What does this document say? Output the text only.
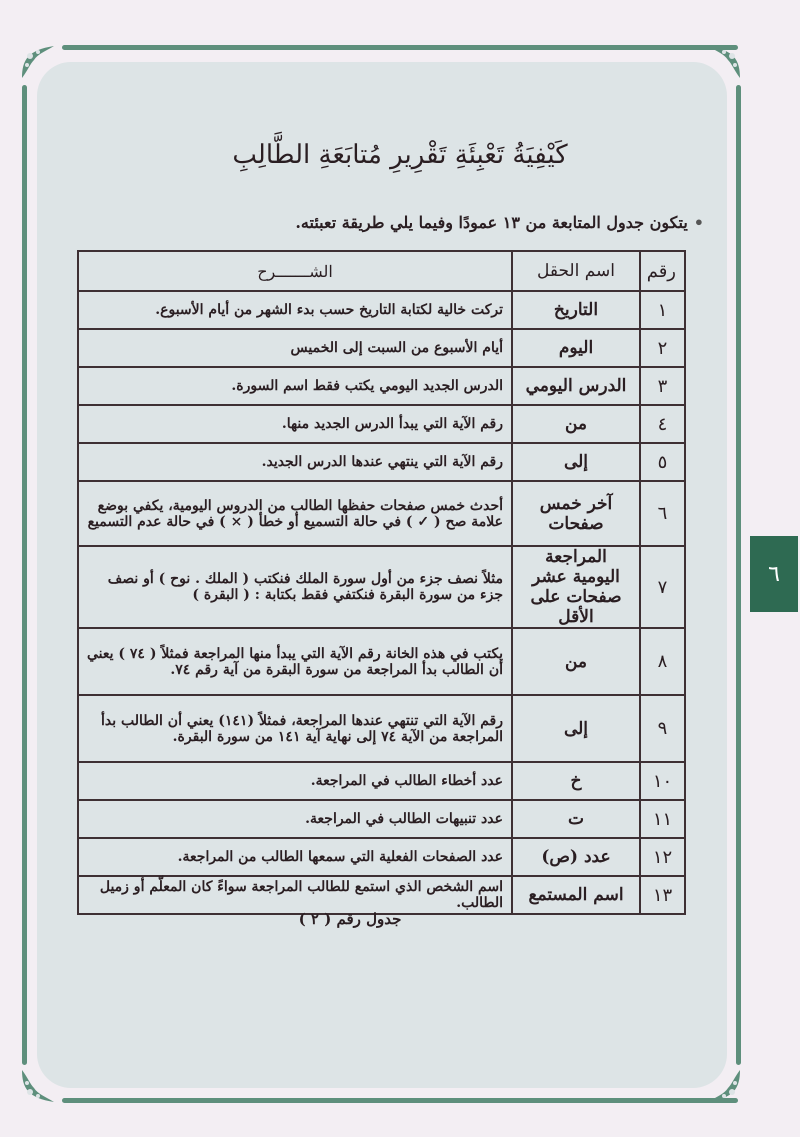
كَيْفِيَةُ تَعْبِئَةِ تَقْرِيرِ مُتابَعَةِ الطَّالِبِ
•يتكون جدول المتابعة من ١٣ عمودًا وفيما يلي طريقة تعبئته.
رقم	اسم الحقل	الشـــــــرح
١	التاريخ	تركت خالية لكتابة التاريخ حسب بدء الشهر من أيام الأسبوع.
٢	اليوم	أيام الأسبوع من السبت إلى الخميس
٣	الدرس اليومي	الدرس الجديد اليومي يكتب فقط اسم السورة.
٤	من	رقم الآية التي يبدأ الدرس الجديد منها.
٥	إلى	رقم الآية التي ينتهي عندها الدرس الجديد.
٦	آخر خمس صفحات	أحدث خمس صفحات حفظها الطالب من الدروس اليومية، يكفي بوضع علامة صح ( ✓ ) في حالة التسميع أو خطأ ( × ) في حالة عدم التسميع
٧	المراجعة اليومية عشر صفحات على الأقل	مثلاً نصف جزء من أول سورة الملك فنكتب ( الملك . نوح ) أو نصف جزء من سورة البقرة فنكتفي فقط بكتابة : ( البقرة )
٨	من	يكتب في هذه الخانة رقم الآية التي يبدأ منها المراجعة فمثلاً ( ٧٤ ) يعني أن الطالب بدأ المراجعة من سورة البقرة من آية رقم ٧٤.
٩	إلى	رقم الآية التي تنتهي عندها المراجعة، فمثلاً (١٤١) يعني أن الطالب بدأ المراجعة من الآية ٧٤ إلى نهاية آية ١٤١ من سورة البقرة.
١٠	خ	عدد أخطاء الطالب في المراجعة.
١١	ت	عدد تنبيهات الطالب في المراجعة.
١٢	عدد (ص)	عدد الصفحات الفعلية التي سمعها الطالب من المراجعة.
١٣	اسم المستمع	اسم الشخص الذي استمع للطالب المراجعة سواءً كان المعلّم أو زميل الطالب.
جدول رقم ( ٢ )
٦
